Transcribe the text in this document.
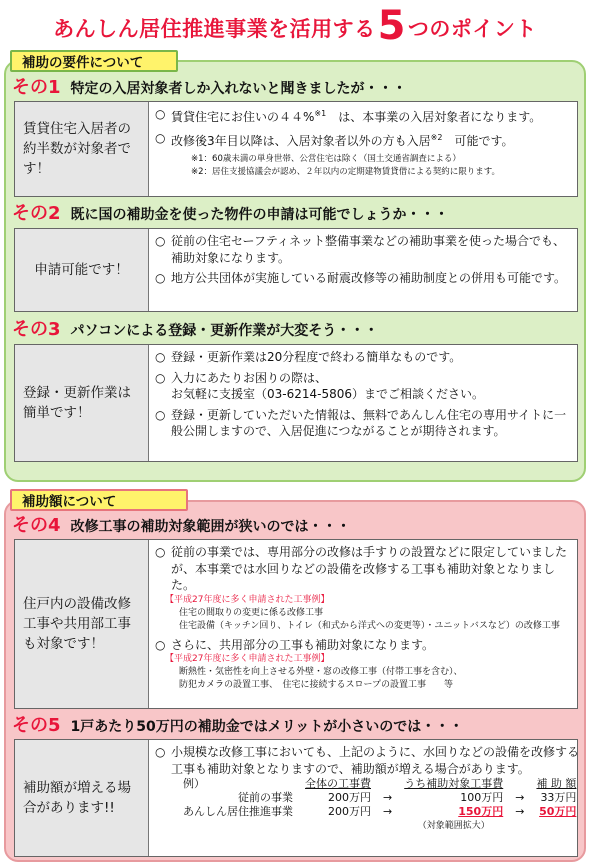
あんしん居住推進事業を活用する5つのポイント
補助の要件について
その1 特定の入居対象者しか入れないと聞きましたが・・・
賃貸住宅入居者の約半数が対象者です！
○ 賃貸住宅にお住いの４４%$^{※1}$　 は、本事業の入居対象者になります。
○ 改修後3年目以降は、入居対象者以外の方も入居$^{※2}$　 可能です。
※1：60歳未満の単身世帯、公営住宅は除く（国土交通省調査による）
※2：居住支援協議会が認め、２年以内の定期建物賃貸借による契約に限ります。
その2 既に国の補助金を使った物件の申請は可能でしょうか・・・
申請可能です！
○ 従前の住宅セーフティネット整備事業などの補助事業を使った場合でも、補助対象になります。
○ 地方公共団体が実施している耐震改修等の補助制度との併用も可能です。
その3 パソコンによる登録・更新作業が大変そう・・・
登録・更新作業は簡単です！
○ 登録・更新作業は20分程度で終わる簡単なものです。
○ 入力にあたりお困りの際は、
お気軽に支援室（03-6214-5806）までご相談ください。
○ 登録・更新していただいた情報は、無料であんしん住宅の専用サイトに一般公開しますので、入居促進につながることが期待されます。
補助額について
その4 改修工事の補助対象範囲が狭いのでは・・・
住戸内の設備改修工事や共用部工事も対象です！
○ 従前の事業では、専用部分の改修は手すりの設置などに限定していましたが、本事業では水回りなどの設備を改修する工事も補助対象となりました。
【平成27年度に多く申請された工事例】
住宅の間取りの変更に係る改修工事
住宅設備（キッチン回り、トイレ（和式から洋式への変更等）・ユニットバスなど）の改修工事
○ さらに、共用部分の工事も補助対象になります。
【平成27年度に多く申請された工事例】
断熱性・気密性を向上させる外壁・窓の改修工事（付帯工事を含む）、
防犯カメラの設置工事、　住宅に接続するスロープの設置工事　　等
その5 1戸あたり50万円の補助金ではメリットが小さいのでは・・・
補助額が増える場合があります!!
○ 小規模な改修工事においても、上記のように、水回りなどの設備を改修する工事も補助対象となりますので、補助額が増える場合があります。
例）	全体の工事費		うち補助対象工事費		補 助 額
従前の事業	200万円	→	100万円	→	33万円
あんしん居住推進事業	200万円	→	150万円	→	50万円
			（対象範囲拡大）		
